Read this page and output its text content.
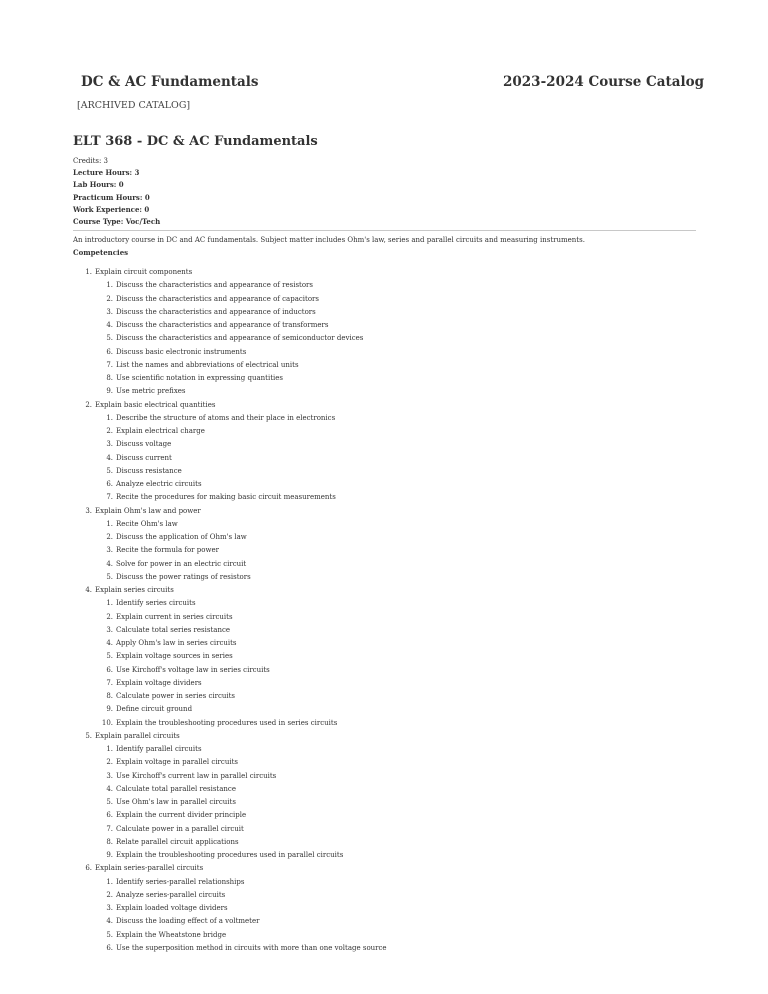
DC & AC Fundamentals	2023-2024 Course Catalog
[ARCHIVED CATALOG]
ELT 368 - DC & AC Fundamentals
Credits: 3
Lecture Hours: 3
Lab Hours: 0
Practicum Hours: 0
Work Experience: 0
Course Type: Voc/Tech
An introductory course in DC and AC fundamentals. Subject matter includes Ohm's law, series and parallel circuits and measuring instruments.
Competencies
1. Explain circuit components
1. Discuss the characteristics and appearance of resistors
2. Discuss the characteristics and appearance of capacitors
3. Discuss the characteristics and appearance of inductors
4. Discuss the characteristics and appearance of transformers
5. Discuss the characteristics and appearance of semiconductor devices
6. Discuss basic electronic instruments
7. List the names and abbreviations of electrical units
8. Use scientific notation in expressing quantities
9. Use metric prefixes
2. Explain basic electrical quantities
1. Describe the structure of atoms and their place in electronics
2. Explain electrical charge
3. Discuss voltage
4. Discuss current
5. Discuss resistance
6. Analyze electric circuits
7. Recite the procedures for making basic circuit measurements
3. Explain Ohm's law and power
1. Recite Ohm's law
2. Discuss the application of Ohm's law
3. Recite the formula for power
4. Solve for power in an electric circuit
5. Discuss the power ratings of resistors
4. Explain series circuits
1. Identify series circuits
2. Explain current in series circuits
3. Calculate total series resistance
4. Apply Ohm's law in series circuits
5. Explain voltage sources in series
6. Use Kirchoff's voltage law in series circuits
7. Explain voltage dividers
8. Calculate power in series circuits
9. Define circuit ground
10. Explain the troubleshooting procedures used in series circuits
5. Explain parallel circuits
1. Identify parallel circuits
2. Explain voltage in parallel circuits
3. Use Kirchoff's current law in parallel circuits
4. Calculate total parallel resistance
5. Use Ohm's law in parallel circuits
6. Explain the current divider principle
7. Calculate power in a parallel circuit
8. Relate parallel circuit applications
9. Explain the troubleshooting procedures used in parallel circuits
6. Explain series-parallel circuits
1. Identify series-parallel relationships
2. Analyze series-parallel circuits
3. Explain loaded voltage dividers
4. Discuss the loading effect of a voltmeter
5. Explain the Wheatstone bridge
6. Use the superposition method in circuits with more than one voltage source
